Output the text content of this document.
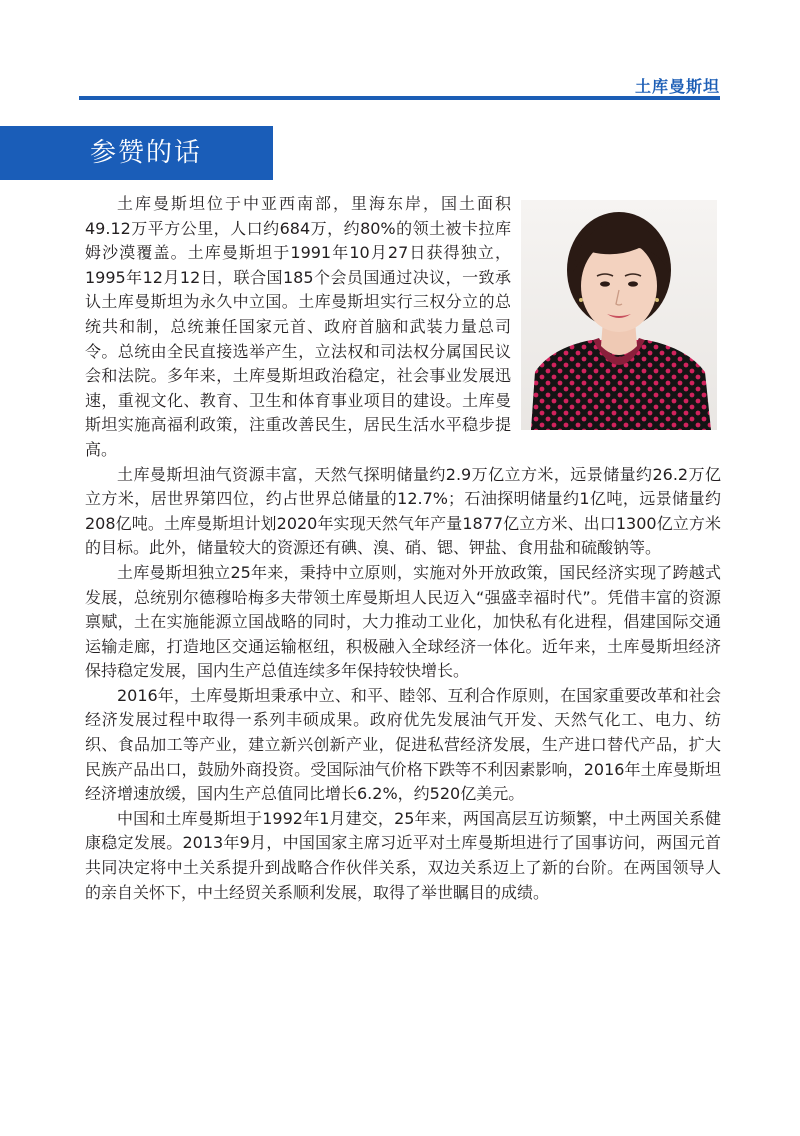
土库曼斯坦
参赞的话

土库曼斯坦位于中亚西南部，里海东岸，国土面积49.12万平方公里，人口约684万，约80%的领土被卡拉库姆沙漠覆盖。土库曼斯坦于1991年10月27日获得独立，1995年12月12日，联合国185个会员国通过决议，一致承认土库曼斯坦为永久中立国。土库曼斯坦实行三权分立的总统共和制，总统兼任国家元首、政府首脑和武装力量总司令。总统由全民直接选举产生，立法权和司法权分属国民议会和法院。多年来，土库曼斯坦政治稳定，社会事业发展迅速，重视文化、教育、卫生和体育事业项目的建设。土库曼斯坦实施高福利政策，注重改善民生，居民生活水平稳步提高。

土库曼斯坦油气资源丰富，天然气探明储量约2.9万亿立方米，远景储量约26.2万亿立方米，居世界第四位，约占世界总储量的12.7%；石油探明储量约1亿吨，远景储量约208亿吨。土库曼斯坦计划2020年实现天然气年产量1877亿立方米、出口1300亿立方米的目标。此外，储量较大的资源还有碘、溴、硝、锶、钾盐、食用盐和硫酸钠等。

土库曼斯坦独立25年来，秉持中立原则，实施对外开放政策，国民经济实现了跨越式发展，总统别尔德穆哈梅多夫带领土库曼斯坦人民迈入“强盛幸福时代”。凭借丰富的资源禀赋，土在实施能源立国战略的同时，大力推动工业化，加快私有化进程，倡建国际交通运输走廊，打造地区交通运输枢纽，积极融入全球经济一体化。近年来，土库曼斯坦经济保持稳定发展，国内生产总值连续多年保持较快增长。

2016年，土库曼斯坦秉承中立、和平、睦邻、互利合作原则，在国家重要改革和社会经济发展过程中取得一系列丰硕成果。政府优先发展油气开发、天然气化工、电力、纺织、食品加工等产业，建立新兴创新产业，促进私营经济发展，生产进口替代产品，扩大民族产品出口，鼓励外商投资。受国际油气价格下跌等不利因素影响，2016年土库曼斯坦经济增速放缓，国内生产总值同比增长6.2%，约520亿美元。

中国和土库曼斯坦于1992年1月建交，25年来，两国高层互访频繁，中土两国关系健康稳定发展。2013年9月，中国国家主席习近平对土库曼斯坦进行了国事访问，两国元首共同决定将中土关系提升到战略合作伙伴关系，双边关系迈上了新的台阶。在两国领导人的亲自关怀下，中土经贸关系顺利发展，取得了举世瞩目的成绩。
